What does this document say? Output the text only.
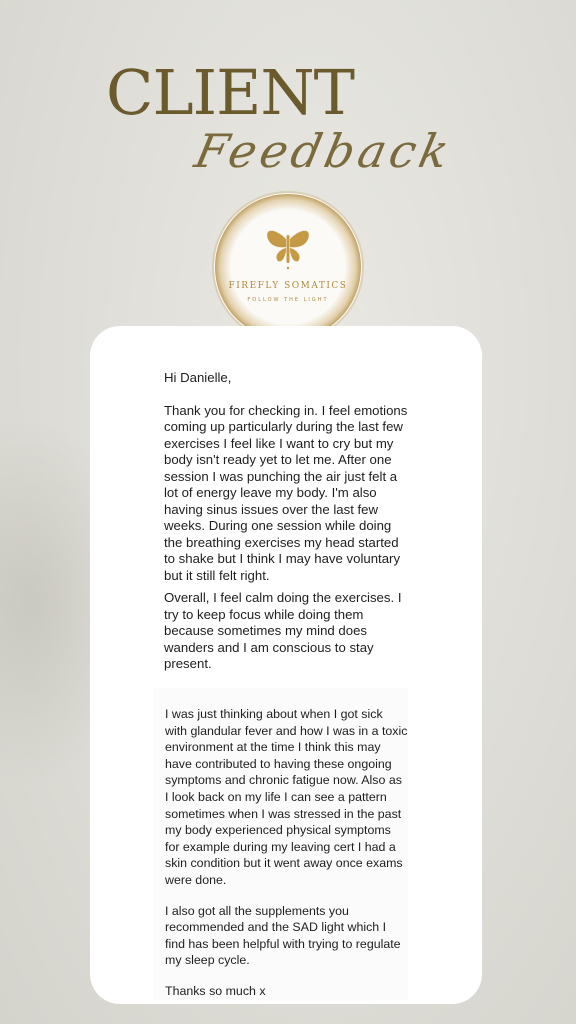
CLIENT
Feedback
FIREFLY SOMATICS
FOLLOW THE LIGHT

Hi Danielle,

Thank you for checking in. I feel emotions coming up particularly during the last few exercises I feel like I want to cry but my body isn't ready yet to let me. After one session I was punching the air just felt a lot of energy leave my body. I'm also having sinus issues over the last few weeks. During one session while doing the breathing exercises my head started to shake but I think I may have voluntary but it still felt right.

Overall, I feel calm doing the exercises. I try to keep focus while doing them because sometimes my mind does wanders and I am conscious to stay present.

I was just thinking about when I got sick with glandular fever and how I was in a toxic environment at the time I think this may have contributed to having these ongoing symptoms and chronic fatigue now. Also as I look back on my life I can see a pattern sometimes when I was stressed in the past my body experienced physical symptoms for example during my leaving cert I had a skin condition but it went away once exams were done.

I also got all the supplements you recommended and the SAD light which I find has been helpful with trying to regulate my sleep cycle.

Thanks so much x
